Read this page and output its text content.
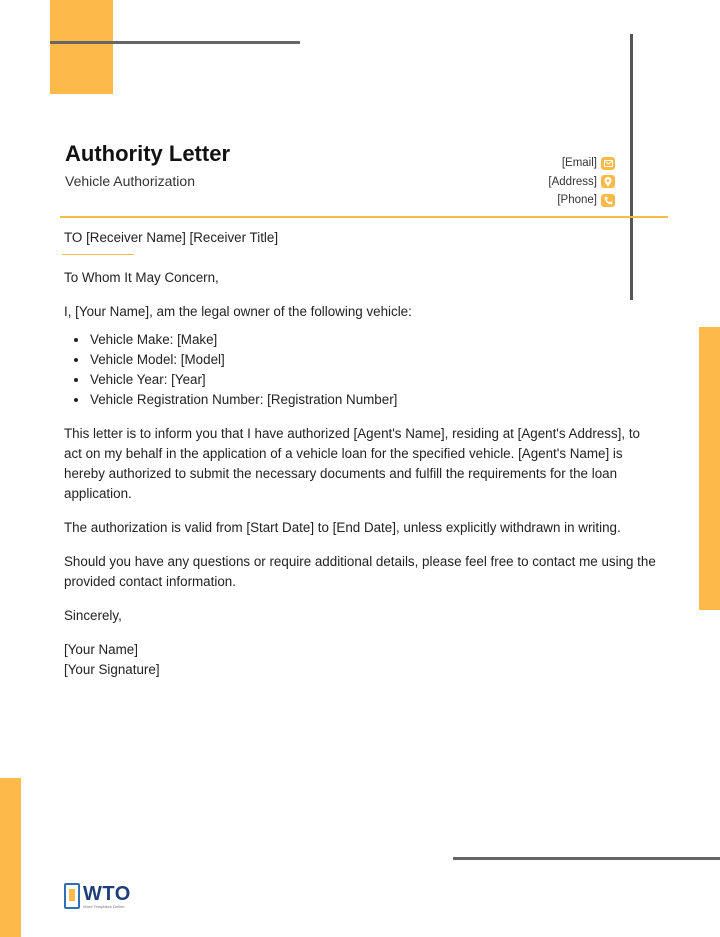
Authority Letter
Vehicle Authorization
[Email]
[Address]
[Phone]

TO [Receiver Name] [Receiver Title]

To Whom It May Concern,

I, [Your Name], am the legal owner of the following vehicle:

Vehicle Make: [Make]
Vehicle Model: [Model]
Vehicle Year: [Year]
Vehicle Registration Number: [Registration Number]

This letter is to inform you that I have authorized [Agent's Name], residing at [Agent's Address], to act on my behalf in the application of a vehicle loan for the specified vehicle. [Agent's Name] is hereby authorized to submit the necessary documents and fulfill the requirements for the loan application.

The authorization is valid from [Start Date] to [End Date], unless explicitly withdrawn in writing.

Should you have any questions or require additional details, please feel free to contact me using the provided contact information.

Sincerely,

[Your Name]

[Your Signature]

WTO
Word Templates Online
